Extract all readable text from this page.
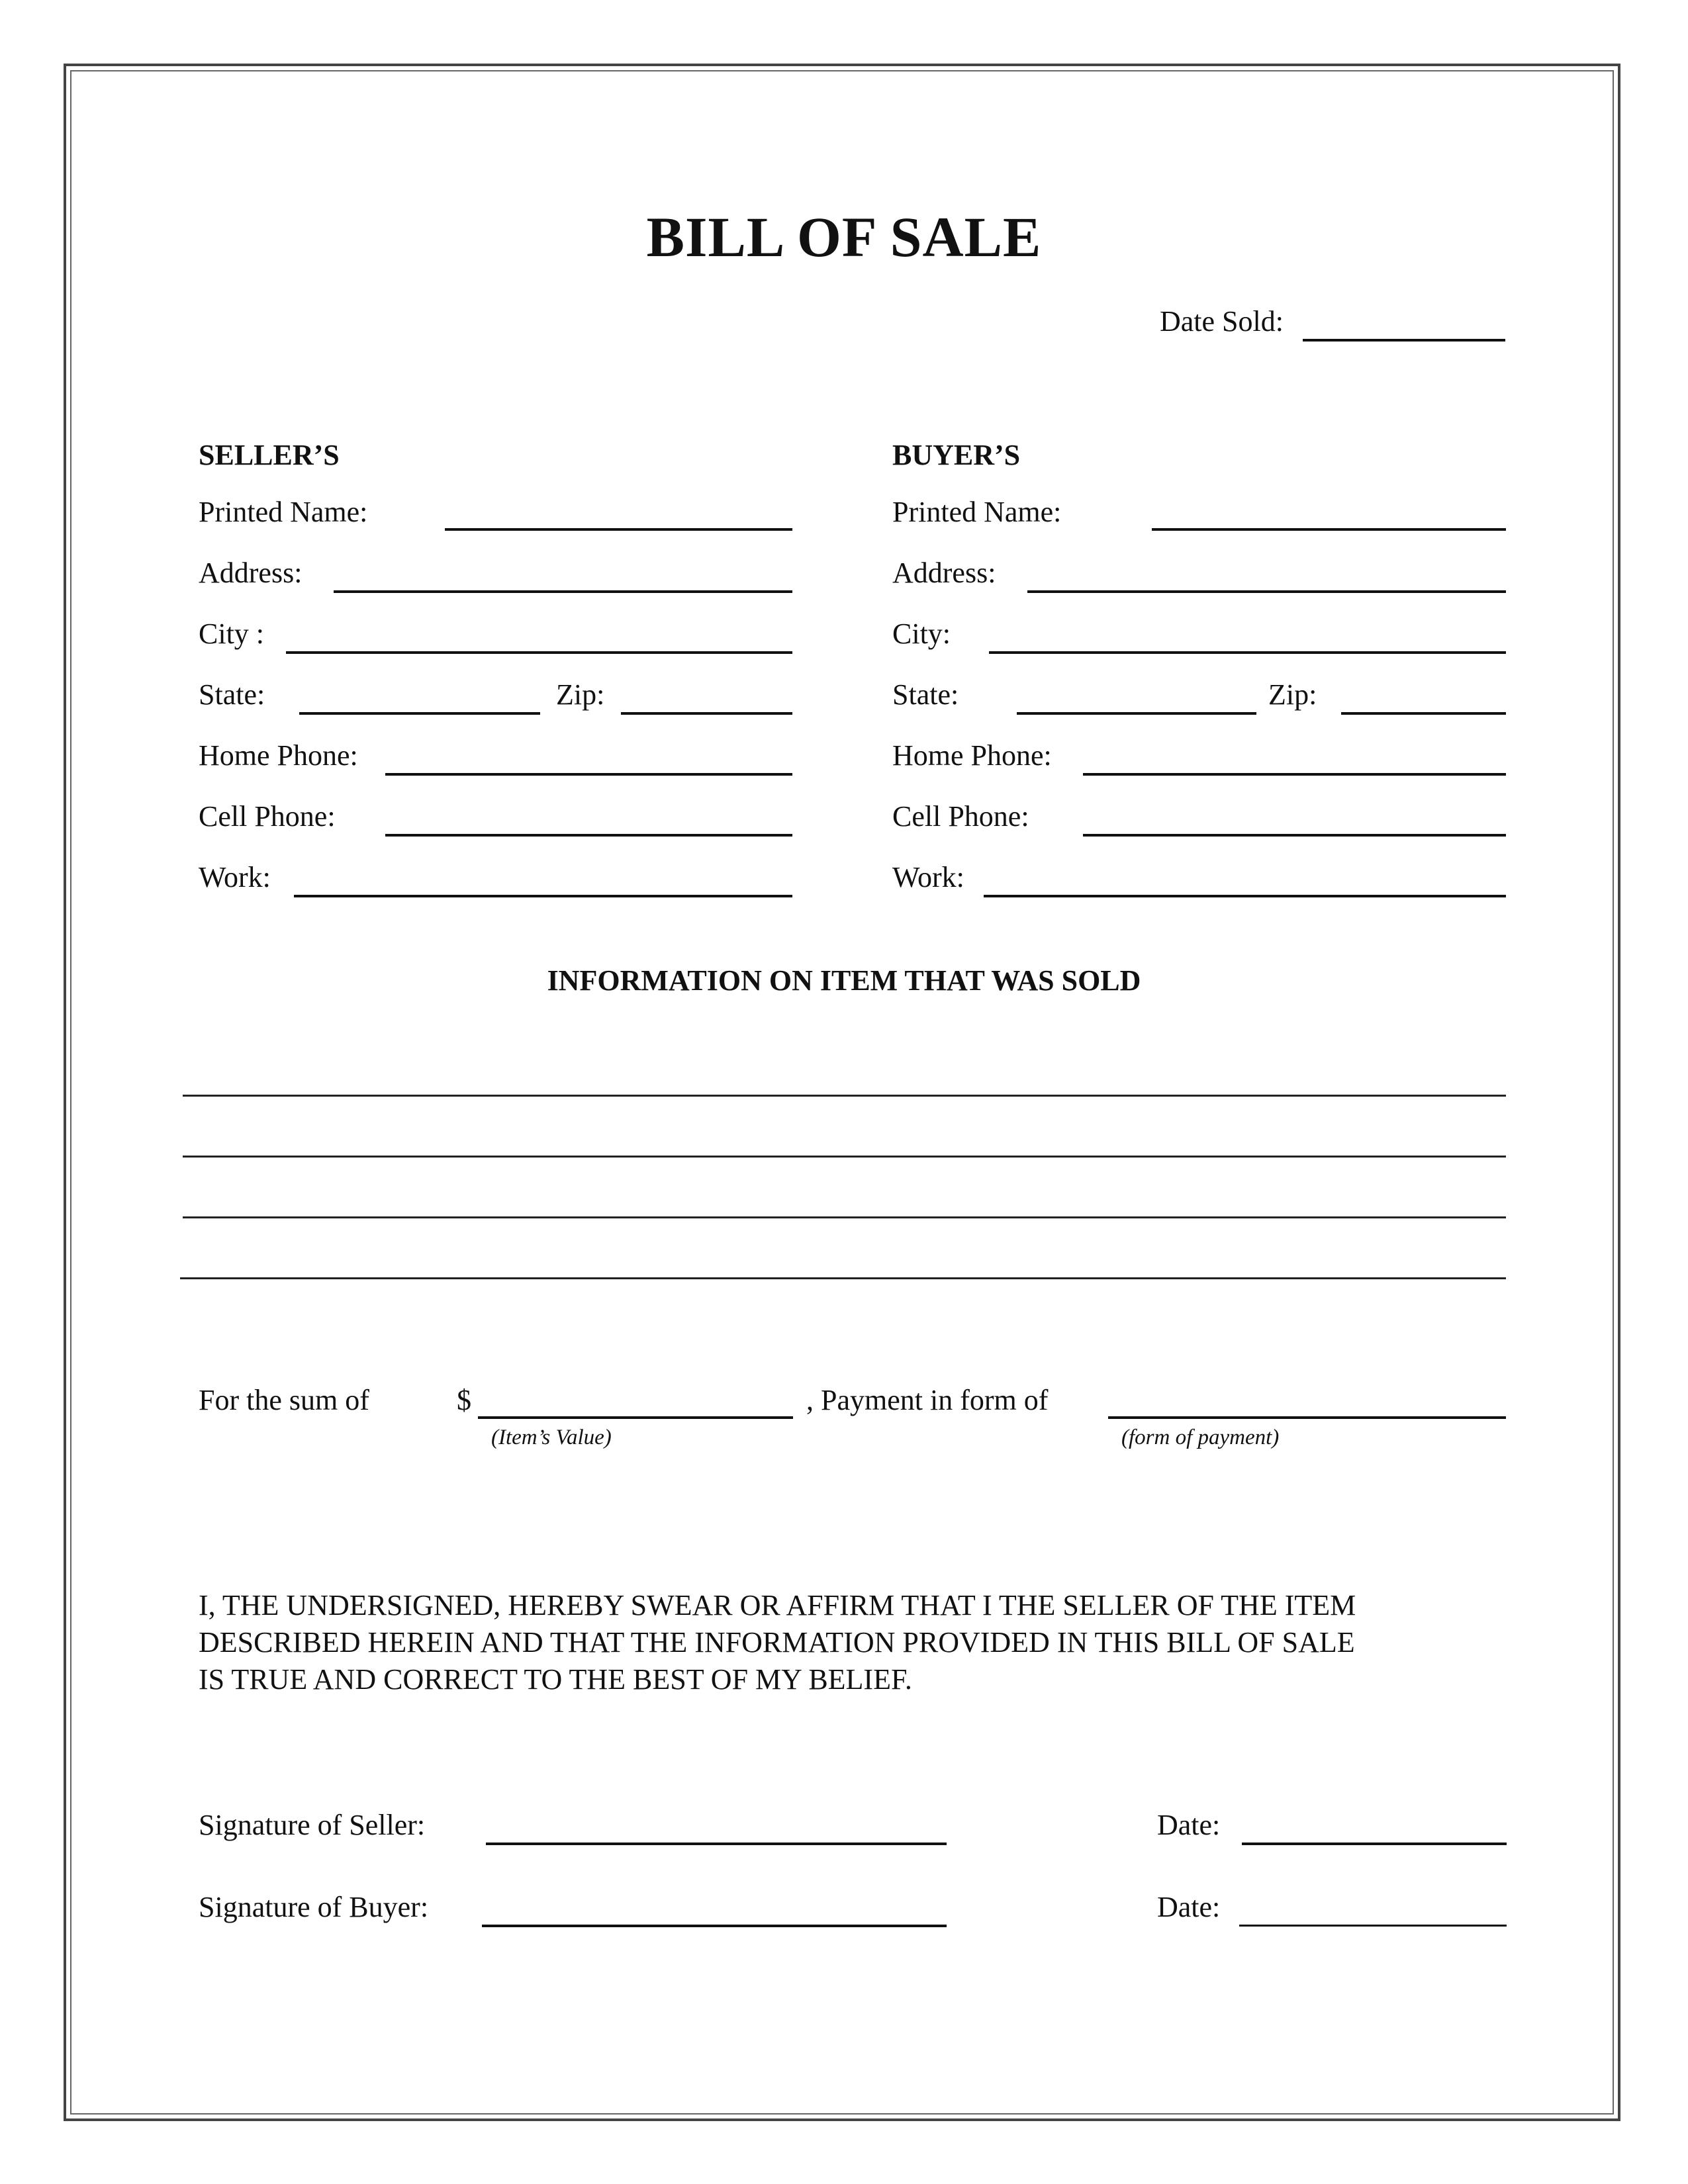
BILL OF SALE
Date Sold:
SELLER’S
Printed Name:
Address:
City :
State:	Zip:
Home Phone:
Cell Phone:
Work:
BUYER’S
Printed Name:
Address:
City:
State:	Zip:
Home Phone:
Cell Phone:
Work:
INFORMATION ON ITEM THAT WAS SOLD
For the sum of	$
(Item’s Value)
, Payment in form of
(form of payment)
I, THE UNDERSIGNED, HEREBY SWEAR OR AFFIRM THAT I THE SELLER OF THE ITEM
DESCRIBED HEREIN AND THAT THE INFORMATION PROVIDED IN THIS BILL OF SALE
IS TRUE AND CORRECT TO THE BEST OF MY BELIEF.
Signature of Seller:	Date:
Signature of Buyer:	Date:
